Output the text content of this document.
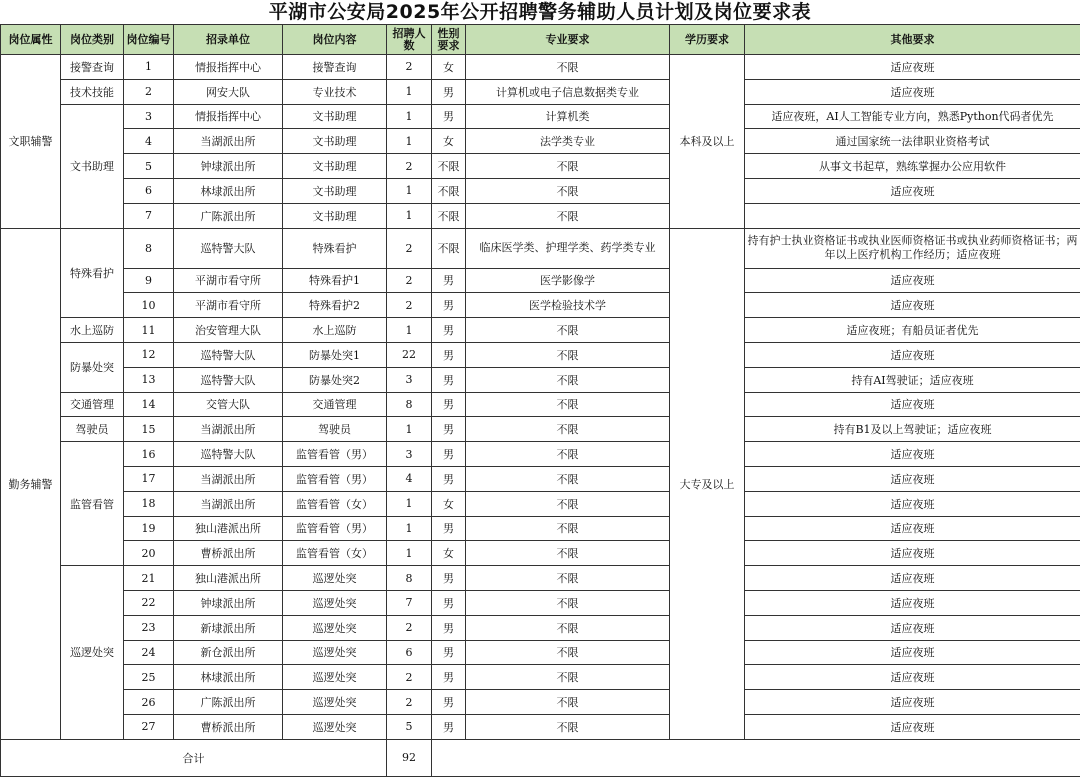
平湖市公安局2025年公开招聘警务辅助人员计划及岗位要求表
岗位属性	岗位类别	岗位编号	招录单位	岗位内容	招聘人数	性别要求	专业要求	学历要求	其他要求
文职辅警	接警查询	1	情报指挥中心	接警查询	2	女	不限	本科及以上	适应夜班
	技术技能	2	网安大队	专业技术	1	男	计算机或电子信息数据类专业		适应夜班
	文书助理	3	情报指挥中心	文书助理	1	男	计算机类		适应夜班，AI人工智能专业方向，熟悉Python代码者优先
		4	当湖派出所	文书助理	1	女	法学类专业		通过国家统一法律职业资格考试
		5	钟埭派出所	文书助理	2	不限	不限		从事文书起草，熟练掌握办公应用软件
		6	林埭派出所	文书助理	1	不限	不限		适应夜班
		7	广陈派出所	文书助理	1	不限	不限		
勤务辅警	特殊看护	8	巡特警大队	特殊看护	2	不限	临床医学类、护理学类、药学类专业	大专及以上	持有护士执业资格证书或执业医师资格证书或执业药师资格证书；两年以上医疗机构工作经历；适应夜班
		9	平湖市看守所	特殊看护1	2	男	医学影像学		适应夜班
		10	平湖市看守所	特殊看护2	2	男	医学检验技术学		适应夜班
	水上巡防	11	治安管理大队	水上巡防	1	男	不限		适应夜班；有船员证者优先
	防暴处突	12	巡特警大队	防暴处突1	22	男	不限		适应夜班
		13	巡特警大队	防暴处突2	3	男	不限		持有AI驾驶证；适应夜班
	交通管理	14	交管大队	交通管理	8	男	不限		适应夜班
	驾驶员	15	当湖派出所	驾驶员	1	男	不限		持有B1及以上驾驶证；适应夜班
	监管看管	16	巡特警大队	监管看管（男）	3	男	不限		适应夜班
		17	当湖派出所	监管看管（男）	4	男	不限		适应夜班
		18	当湖派出所	监管看管（女）	1	女	不限		适应夜班
		19	独山港派出所	监管看管（男）	1	男	不限		适应夜班
		20	曹桥派出所	监管看管（女）	1	女	不限		适应夜班
	巡逻处突	21	独山港派出所	巡逻处突	8	男	不限		适应夜班
		22	钟埭派出所	巡逻处突	7	男	不限		适应夜班
		23	新埭派出所	巡逻处突	2	男	不限		适应夜班
		24	新仓派出所	巡逻处突	6	男	不限		适应夜班
		25	林埭派出所	巡逻处突	2	男	不限		适应夜班
		26	广陈派出所	巡逻处突	2	男	不限		适应夜班
		27	曹桥派出所	巡逻处突	5	男	不限		适应夜班
合计					92				
